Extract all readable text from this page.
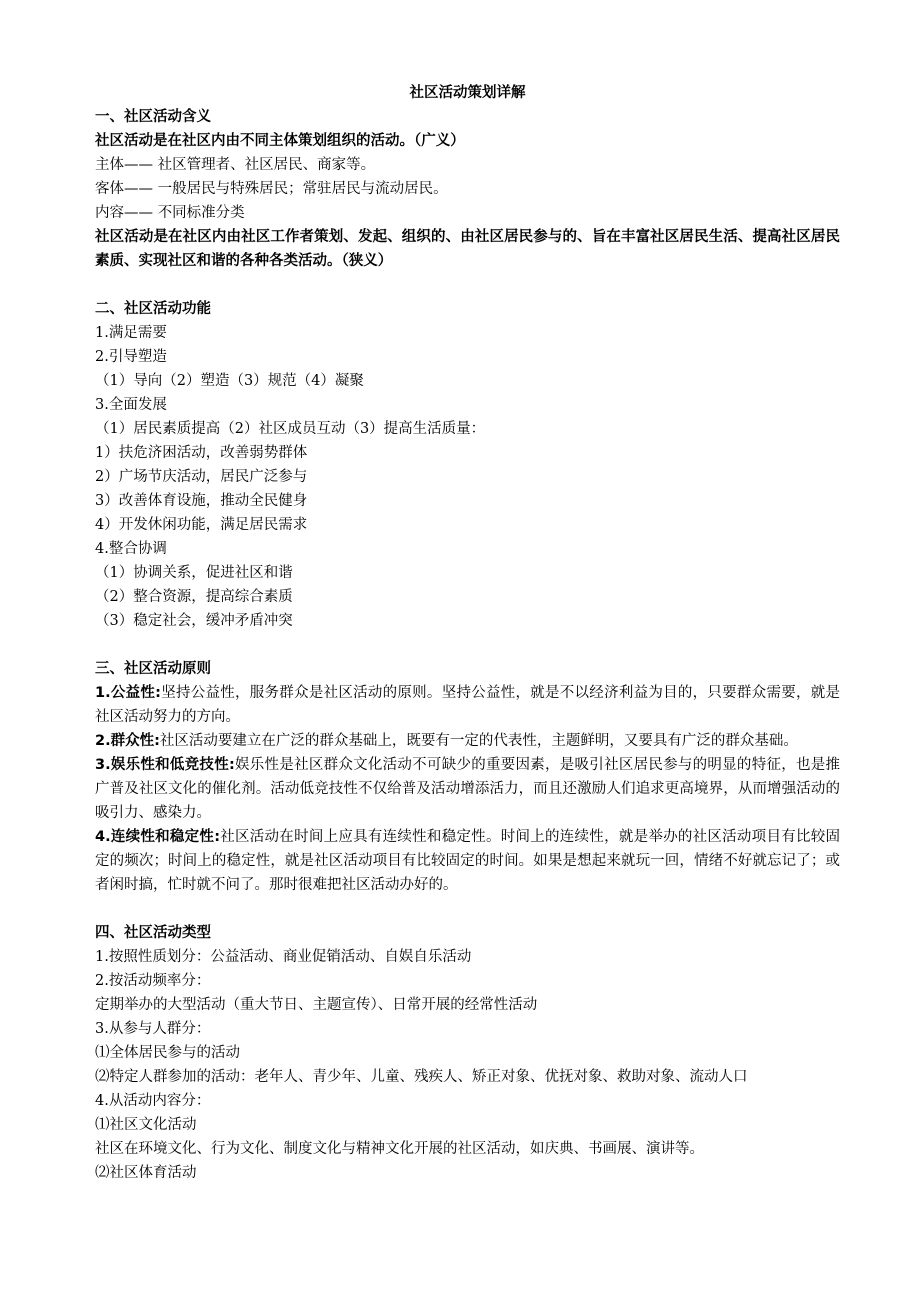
社区活动策划详解
一、社区活动含义
社区活动是在社区内由不同主体策划组织的活动。（广义）
主体—— 社区管理者、社区居民、商家等。
客体—— 一般居民与特殊居民；常驻居民与流动居民。
内容—— 不同标准分类
社区活动是在社区内由社区工作者策划、发起、组织的、由社区居民参与的、旨在丰富社区居民生活、提高社区居民素质、实现社区和谐的各种各类活动。（狭义）
二、社区活动功能
1.满足需要
2.引导塑造
（1）导向（2）塑造（3）规范（4）凝聚
3.全面发展
（1）居民素质提高（2）社区成员互动（3）提高生活质量：
1）扶危济困活动，改善弱势群体
2）广场节庆活动，居民广泛参与
3）改善体育设施，推动全民健身
4）开发休闲功能，满足居民需求
4.整合协调
（1）协调关系，促进社区和谐
（2）整合资源，提高综合素质
（3）稳定社会，缓冲矛盾冲突
三、社区活动原则
1.公益性:坚持公益性，服务群众是社区活动的原则。坚持公益性，就是不以经济利益为目的，只要群众需要，就是社区活动努力的方向。
2.群众性:社区活动要建立在广泛的群众基础上，既要有一定的代表性，主题鲜明，又要具有广泛的群众基础。
3.娱乐性和低竞技性:娱乐性是社区群众文化活动不可缺少的重要因素，是吸引社区居民参与的明显的特征，也是推广普及社区文化的催化剂。活动低竞技性不仅给普及活动增添活力，而且还激励人们追求更高境界，从而增强活动的吸引力、感染力。
4.连续性和稳定性:社区活动在时间上应具有连续性和稳定性。时间上的连续性，就是举办的社区活动项目有比较固定的频次；时间上的稳定性，就是社区活动项目有比较固定的时间。如果是想起来就玩一回，情绪不好就忘记了；或者闲时搞，忙时就不问了。那时很难把社区活动办好的。
四、社区活动类型
1.按照性质划分：公益活动、商业促销活动、自娱自乐活动
2.按活动频率分：
定期举办的大型活动（重大节日、主题宣传）、日常开展的经常性活动
3.从参与人群分：
⑴全体居民参与的活动
⑵特定人群参加的活动：老年人、青少年、儿童、残疾人、矫正对象、优抚对象、救助对象、流动人口
4.从活动内容分：
⑴社区文化活动
社区在环境文化、行为文化、制度文化与精神文化开展的社区活动，如庆典、书画展、演讲等。
⑵社区体育活动
